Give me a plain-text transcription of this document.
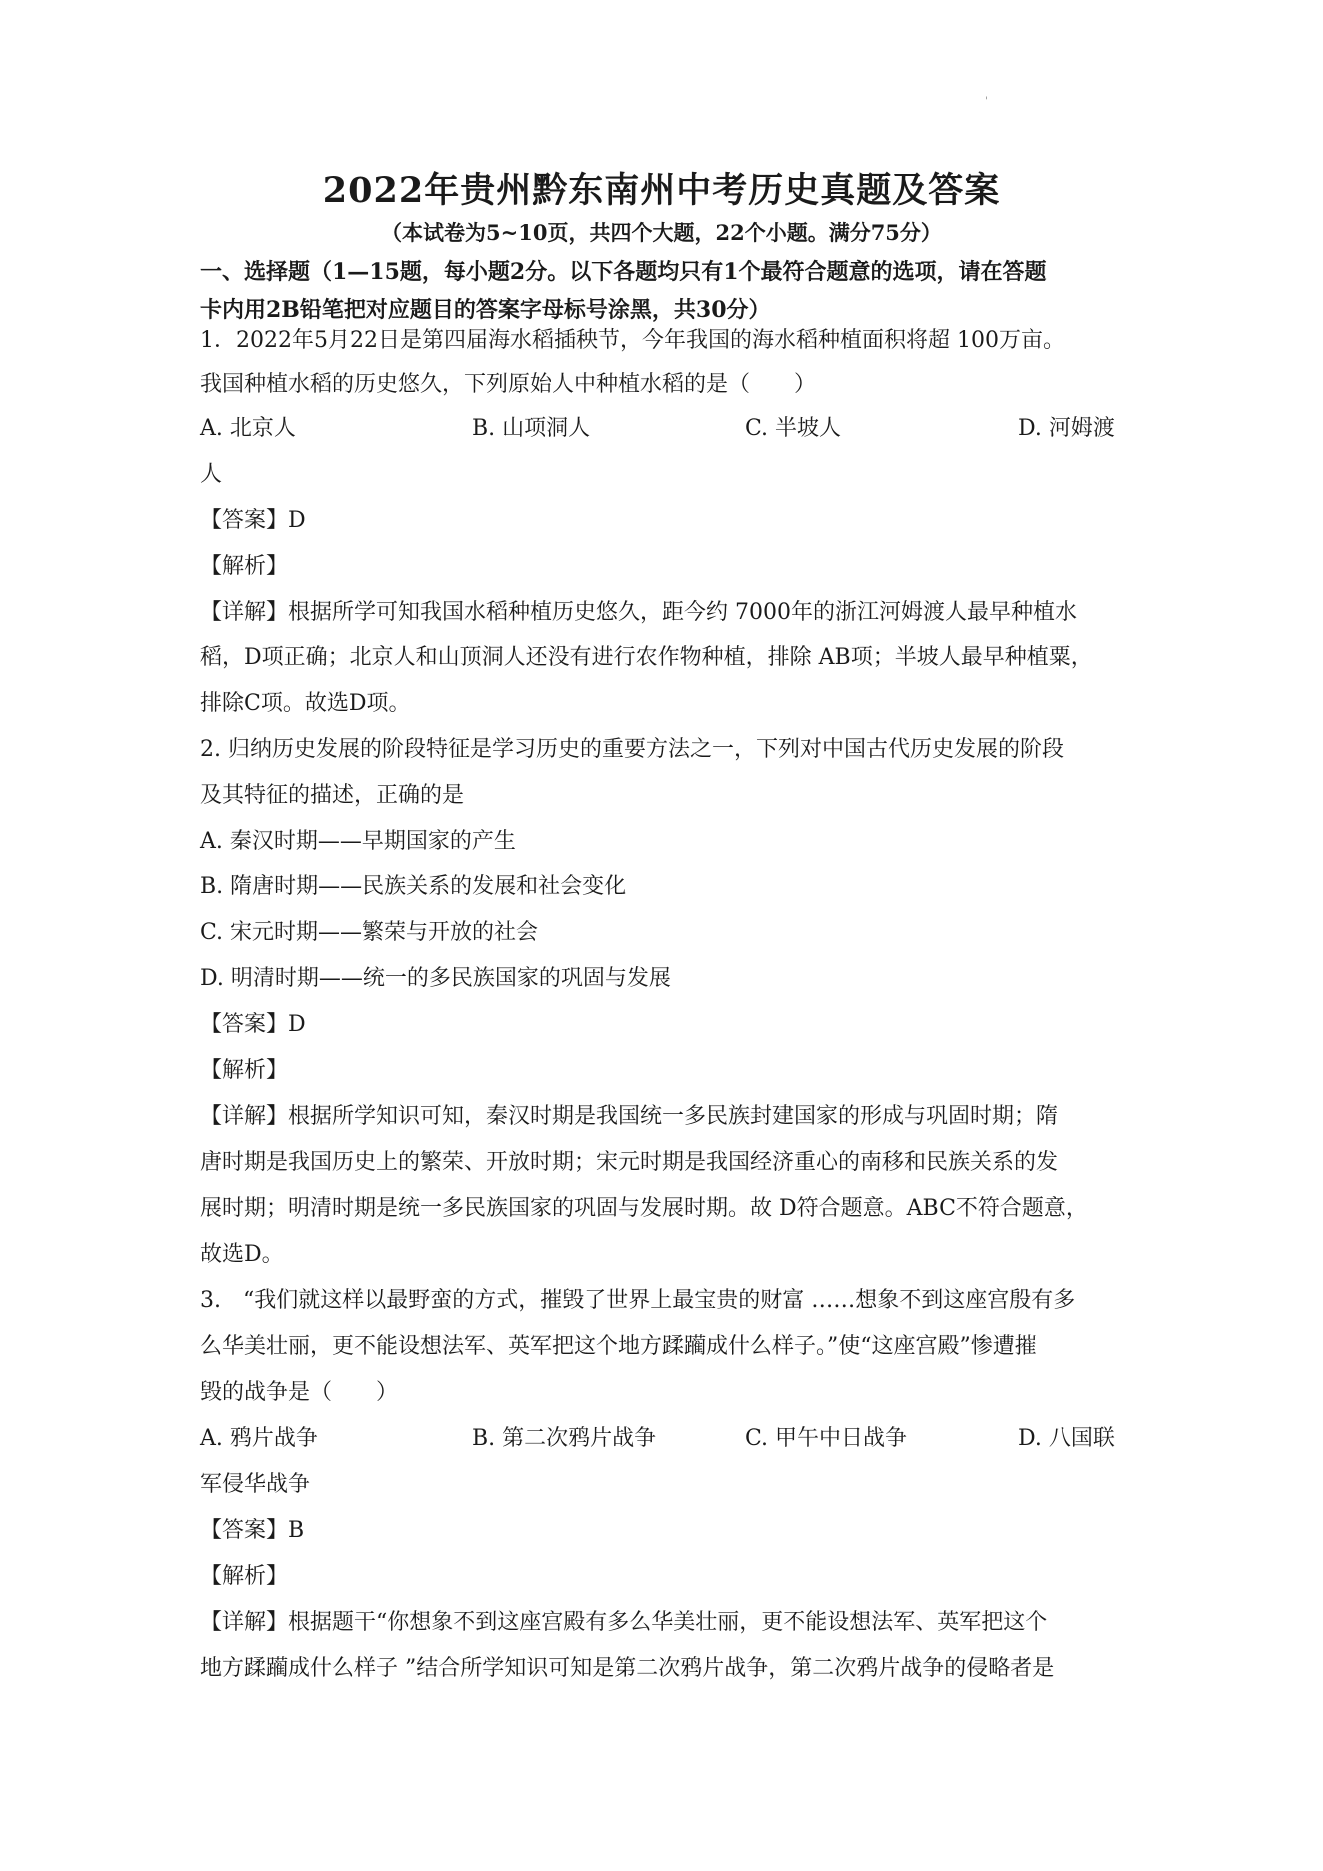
'
2022年贵州黔东南州中考历史真题及答案
（本试卷为5~10页，共四个大题，22个小题。满分75分）
一、选择题（1—15题，每小题2分。以下各题均只有1个最符合题意的选项，请在答题
卡内用2B铅笔把对应题目的答案字母标号涂黑，共30分）
1．2022年5月22日是第四届海水稻插秧节，今年我国的海水稻种植面积将超 100万亩。
我国种植水稻的历史悠久，下列原始人中种植水稻的是（　　）
A. 北京人	B. 山项洞人	C. 半坡人	D. 河姆渡
人
【答案】D
【解析】
【详解】根据所学可知我国水稻种植历史悠久，距今约 7000年的浙江河姆渡人最早种植水
稻，D项正确；北京人和山顶洞人还没有进行农作物种植，排除 AB项；半坡人最早种植粟，
排除C项。故选D项。
2. 归纳历史发展的阶段特征是学习历史的重要方法之一，下列对中国古代历史发展的阶段
及其特征的描述，正确的是
A. 秦汉时期——早期国家的产生
B. 隋唐时期——民族关系的发展和社会变化
C. 宋元时期——繁荣与开放的社会
D. 明清时期——统一的多民族国家的巩固与发展
【答案】D
【解析】
【详解】根据所学知识可知，秦汉时期是我国统一多民族封建国家的形成与巩固时期；隋
唐时期是我国历史上的繁荣、开放时期；宋元时期是我国经济重心的南移和民族关系的发
展时期；明清时期是统一多民族国家的巩固与发展时期。故 D符合题意。ABC不符合题意，
故选D。
3.　“我们就这样以最野蛮的方式，摧毁了世界上最宝贵的财富 ……想象不到这座宫殷有多
么华美壮丽，更不能设想法军、英军把这个地方蹂躏成什么样子。”使“这座宫殿”惨遭摧
毁的战争是（　　）
A. 鸦片战争	B. 第二次鸦片战争	C. 甲午中日战争	D. 八国联
军侵华战争
【答案】B
【解析】
【详解】根据题干“你想象不到这座宫殿有多么华美壮丽，更不能设想法军、英军把这个
地方蹂躏成什么样子 ”结合所学知识可知是第二次鸦片战争，第二次鸦片战争的侵略者是
